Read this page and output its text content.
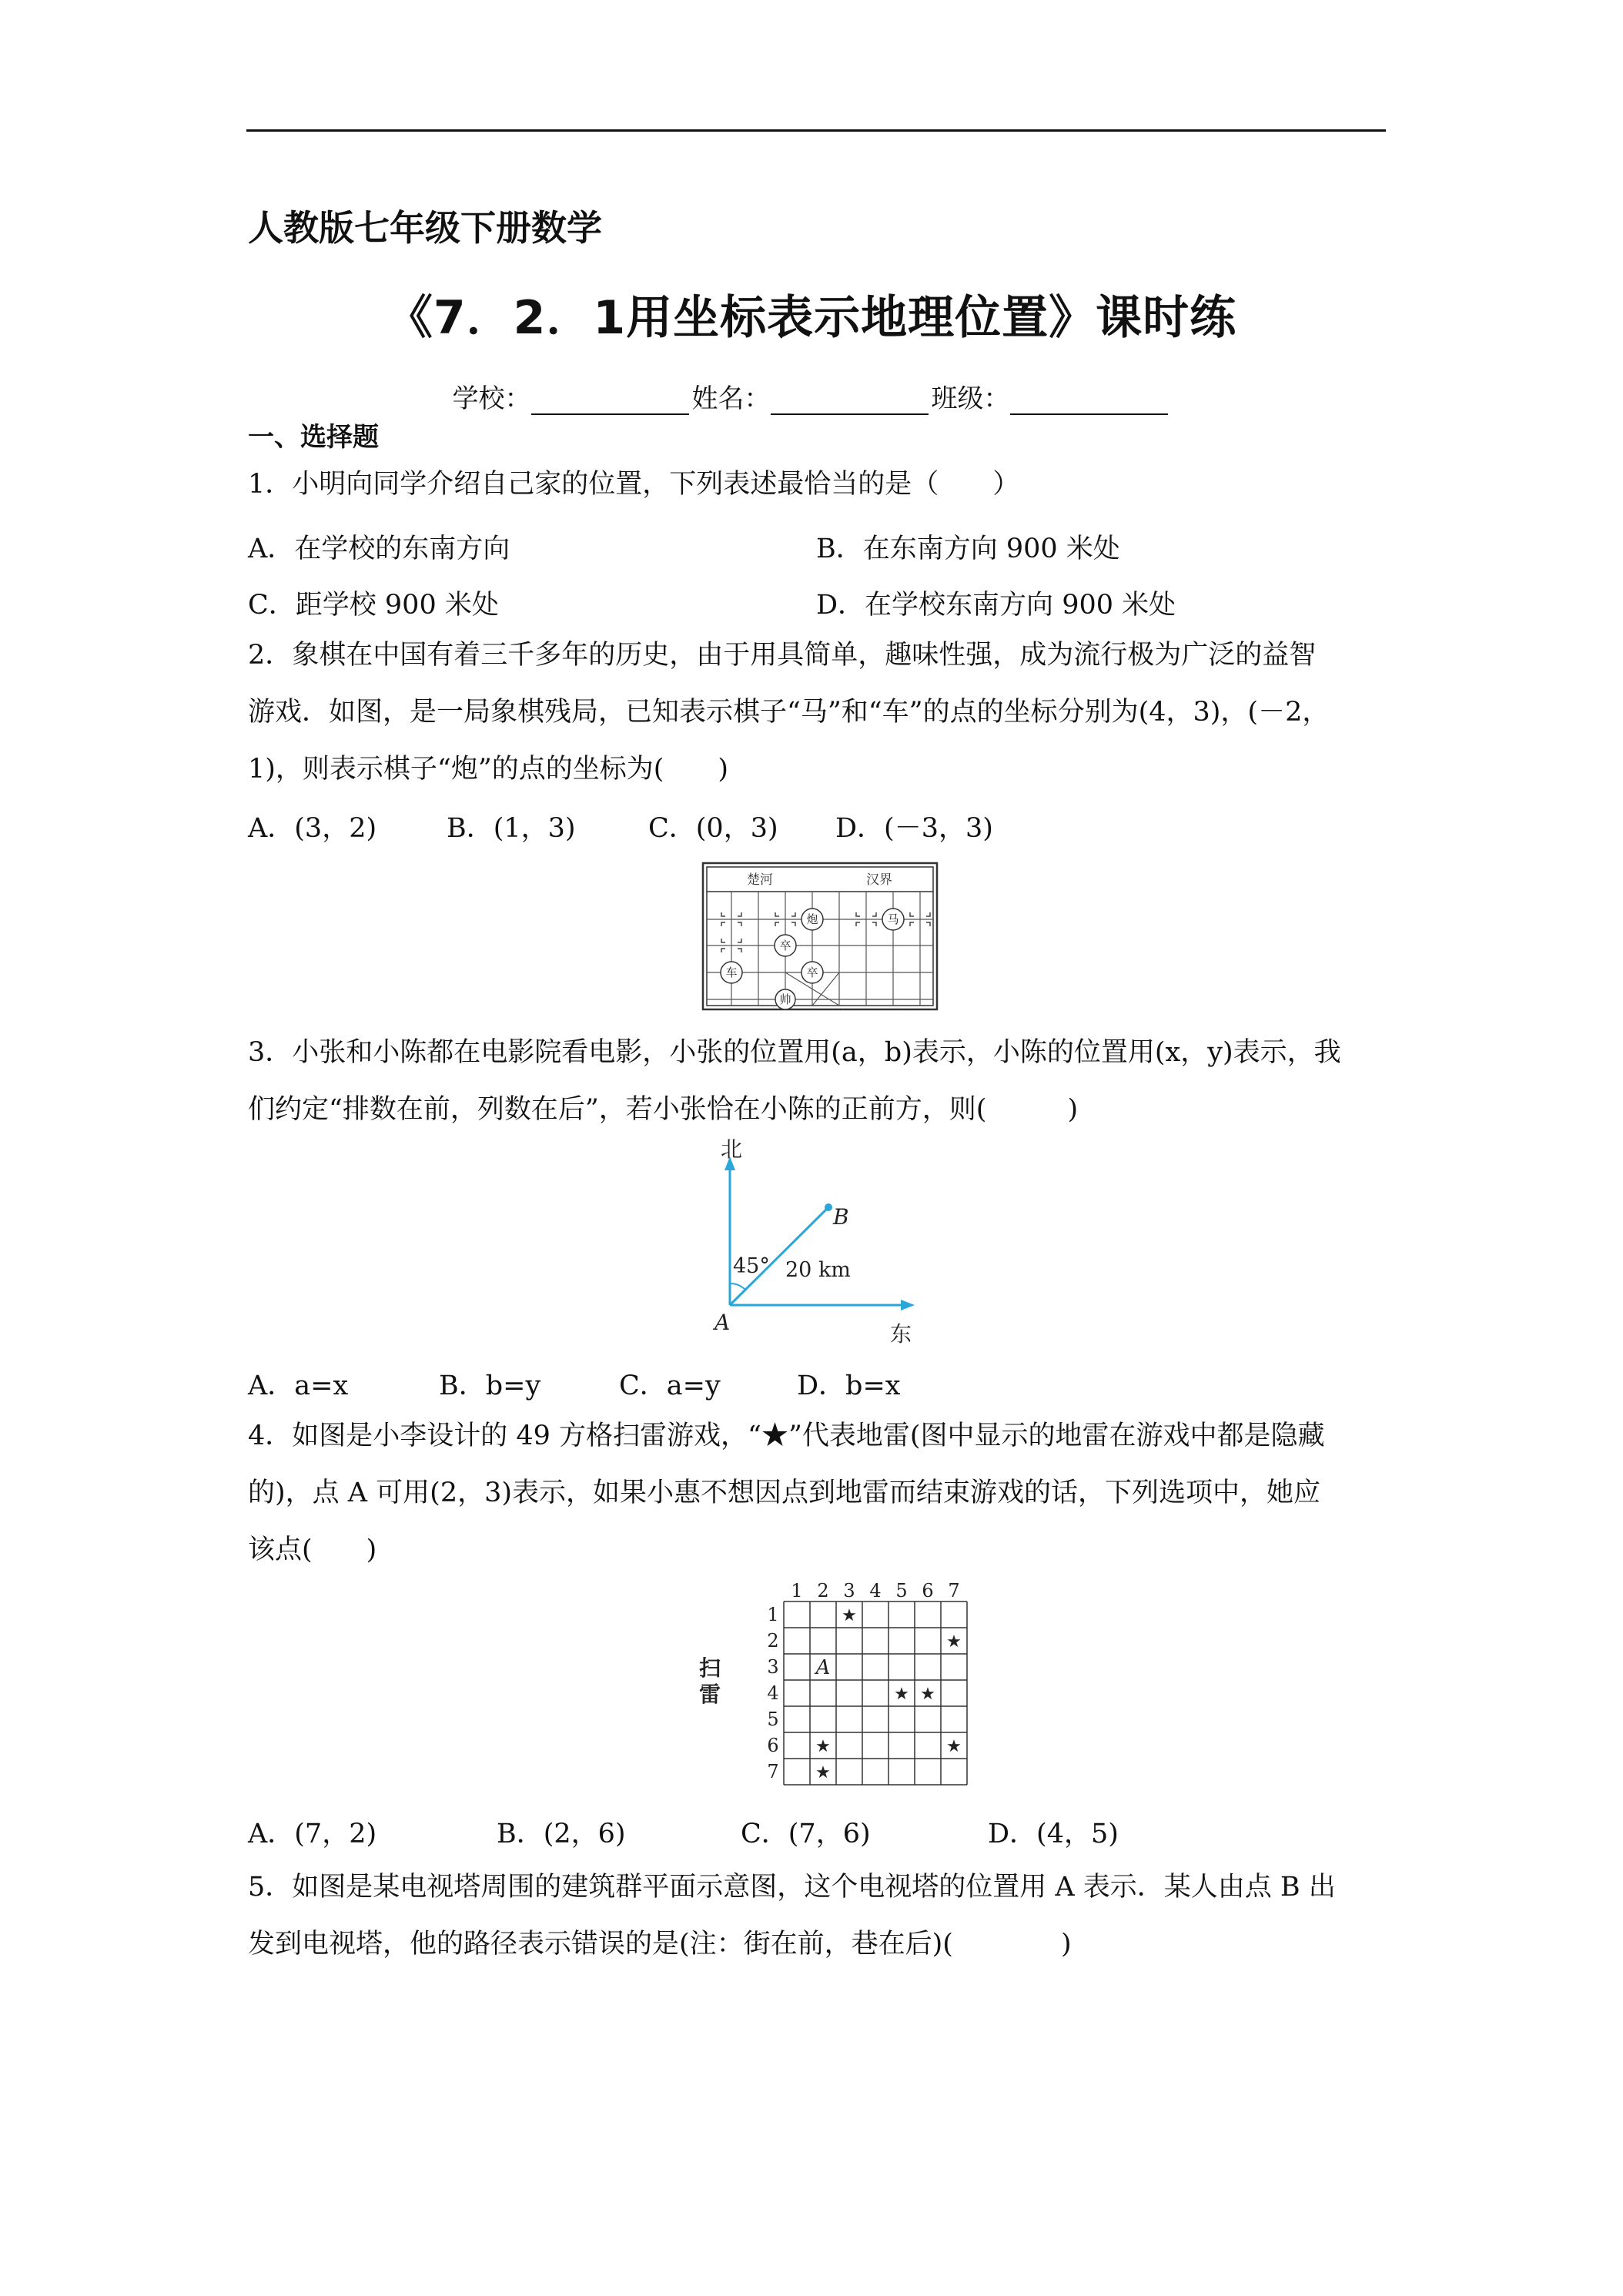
人教版七年级下册数学
《7．2．1用坐标表示地理位置》课时练
学校：	姓名：	班级：
一、选择题
1．小明向同学介绍自己家的位置，下列表述最恰当的是（　　）
A．在学校的东南方向	B．在东南方向 900 米处
C．距学校 900 米处	D．在学校东南方向 900 米处
2．象棋在中国有着三千多年的历史，由于用具简单，趣味性强，成为流行极为广泛的益智
游戏．如图，是一局象棋残局，已知表示棋子“马”和“车”的点的坐标分别为(4，3)，(－2，
1)，则表示棋子“炮”的点的坐标为(　　)
A．(3，2)	B．(1，3)	C．(0，3) D．(－3，3)
楚河	汉界
炮	马
卒
车	卒
帅
3．小张和小陈都在电影院看电影，小张的位置用(a，b)表示，小陈的位置用(x，y)表示，我
们约定“排数在前，列数在后”，若小张恰在小陈的正前方，则(　　　)
北
东
A
B
45° 20 km
A．a=x	B．b=y	C．a=y	D．b=x
4．如图是小李设计的 49 方格扫雷游戏，“★”代表地雷(图中显示的地雷在游戏中都是隐藏
的)，点 A 可用(2，3)表示，如果小惠不想因点到地雷而结束游戏的话，下列选项中，她应
该点(　　)
1 2 3 4 5 6 7
1
2
3
4
5
6
7
★
★
★ ★
★	★
★
A
扫
雷
A．(7，2)	B．(2，6)	C．(7，6)	D．(4，5)
5．如图是某电视塔周围的建筑群平面示意图，这个电视塔的位置用 A 表示．某人由点 B 出
发到电视塔，他的路径表示错误的是(注：街在前，巷在后)(　　　　)
